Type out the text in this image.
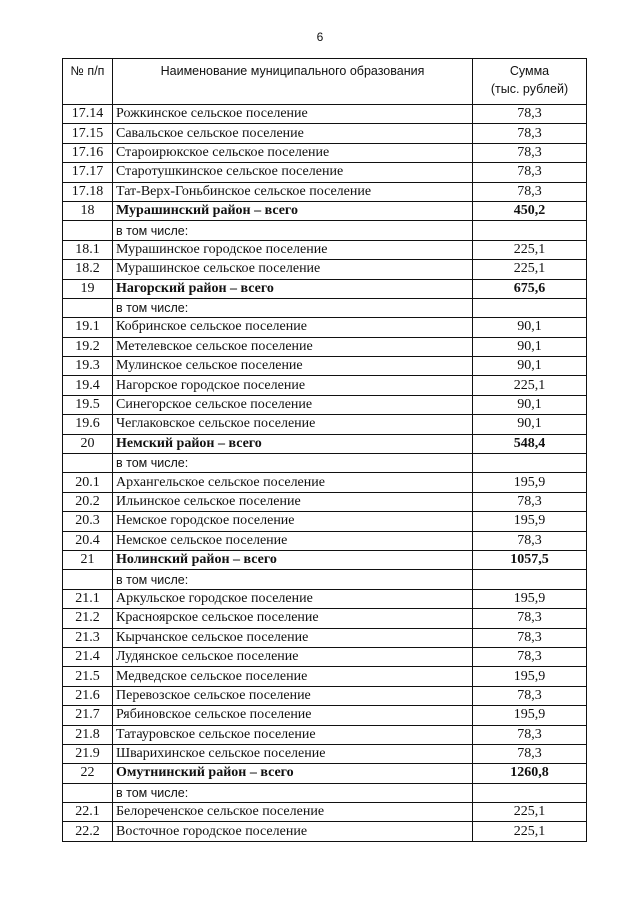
6
№ п/п	Наименование муниципального образования	Сумма
(тыс. рублей)

17.14	Рожкинское сельское поселение	78,3
17.15	Савальское сельское поселение	78,3
17.16	Староирюкское сельское поселение	78,3
17.17	Старотушкинское сельское поселение	78,3
17.18	Тат-Верх-Гоньбинское сельское поселение	78,3
18	Мурашинский район – всего	450,2
	в том числе:	
18.1	Мурашинское городское поселение	225,1
18.2	Мурашинское сельское поселение	225,1
19	Нагорский район – всего	675,6
	в том числе:	
19.1	Кобринское сельское поселение	90,1
19.2	Метелевское сельское поселение	90,1
19.3	Мулинское сельское поселение	90,1
19.4	Нагорское городское поселение	225,1
19.5	Синегорское сельское поселение	90,1
19.6	Чеглаковское сельское поселение	90,1
20	Немский район – всего	548,4
	в том числе:	
20.1	Архангельское сельское поселение	195,9
20.2	Ильинское сельское поселение	78,3
20.3	Немское городское поселение	195,9
20.4	Немское сельское поселение	78,3
21	Нолинский район – всего	1057,5
	в том числе:	
21.1	Аркульское городское поселение	195,9
21.2	Красноярское сельское поселение	78,3
21.3	Кырчанское сельское поселение	78,3
21.4	Лудянское сельское поселение	78,3
21.5	Медведское сельское поселение	195,9
21.6	Перевозское сельское поселение	78,3
21.7	Рябиновское сельское поселение	195,9
21.8	Татауровское сельское поселение	78,3
21.9	Шварихинское сельское поселение	78,3
22	Омутнинский район – всего	1260,8
	в том числе:	
22.1	Белореченское сельское поселение	225,1
22.2	Восточное городское поселение	225,1
